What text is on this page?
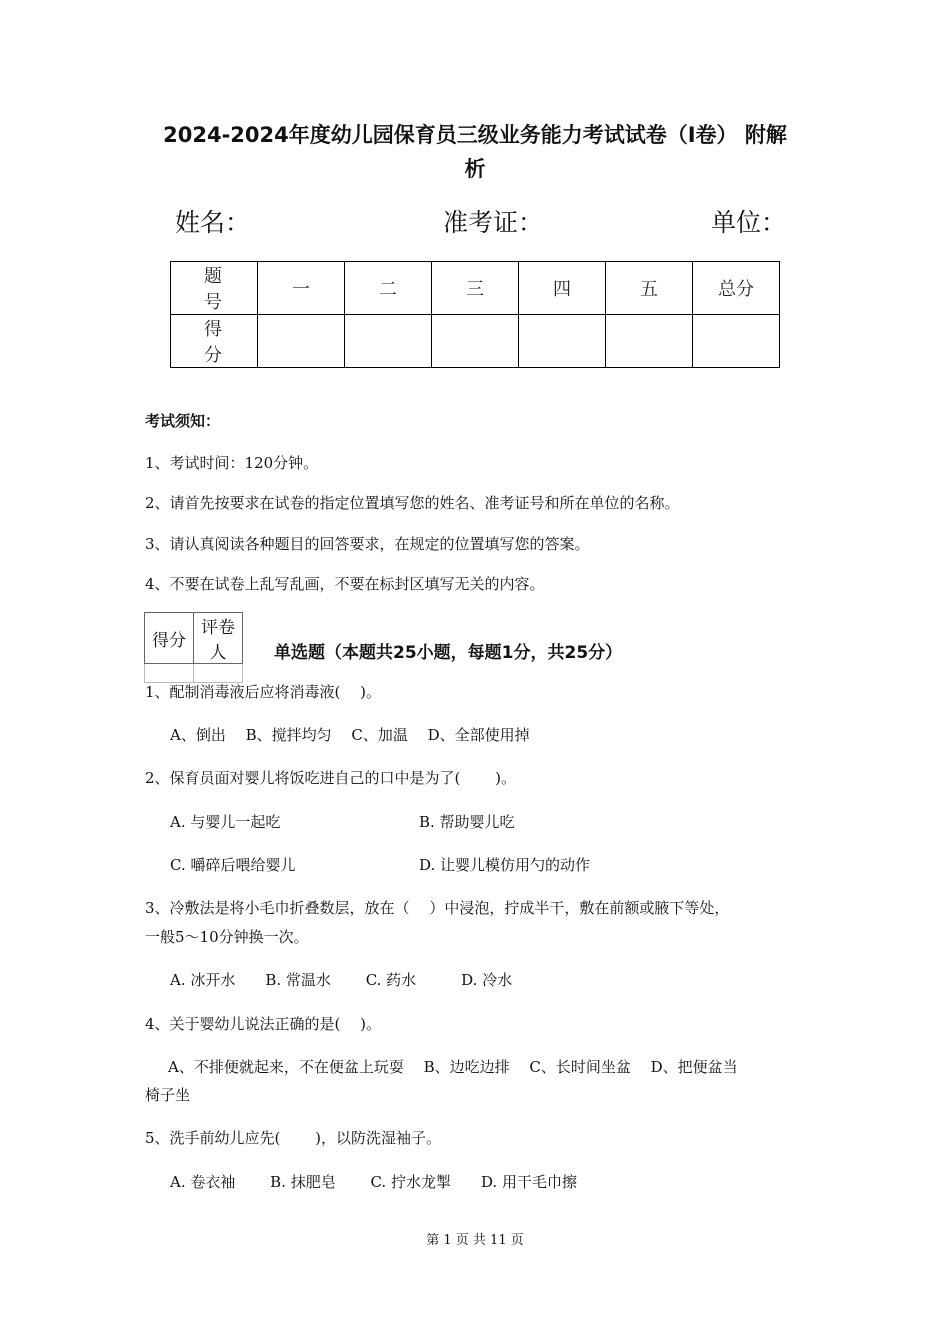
2024-2024年度幼儿园保育员三级业务能力考试试卷（I卷） 附解
析
姓名：	准考证：	单位：
题 号	一	二	三	四	五	总分
得 分						
考试须知：
1、考试时间：120分钟。
2、请首先按要求在试卷的指定位置填写您的姓名、准考证号和所在单位的名称。
3、请认真阅读各种题目的回答要求，在规定的位置填写您的答案。
4、不要在试卷上乱写乱画，不要在标封区填写无关的内容。
得分	评卷人
		单选题（本题共25小题，每题1分，共25分）
1、配制消毒液后应将消毒液(　 )。
A、倒出　 B、搅拌均匀　 C、加温　 D、全部使用掉
2、保育员面对婴儿将饭吃进自己的口中是为了(　 　)。
A. 与婴儿一起吃	B. 帮助婴儿吃
C. 嚼碎后喂给婴儿	D. 让婴儿模仿用勺的动作
3、冷敷法是将小毛巾折叠数层，放在（　 ）中浸泡，拧成半干，敷在前额或腋下等处，
一般5～10分钟换一次。
A. 冰开水　　B. 常温水　　 C. 药水　　　D. 冷水
4、关于婴幼儿说法正确的是(　 )。
A、不排便就起来，不在便盆上玩耍　 B、边吃边排　 C、长时间坐盆　 D、把便盆当
椅子坐
5、洗手前幼儿应先(　 　)，以防洗湿袖子。
A. 卷衣袖　　 B. 抹肥皂　　 C. 拧水龙掣　　D. 用干毛巾擦
第 1 页 共 11 页
